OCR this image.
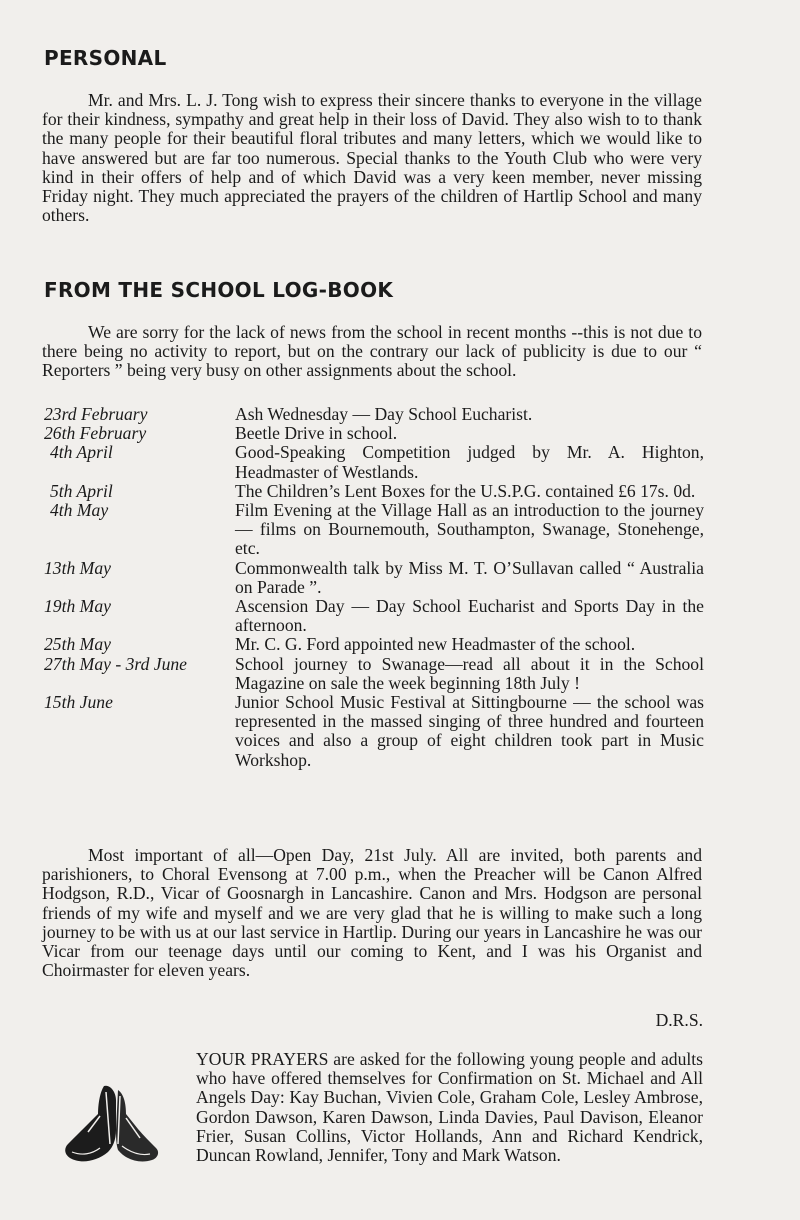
PERSONAL

Mr. and Mrs. L. J. Tong wish to express their sincere thanks to everyone in the village for their kindness, sympathy and great help in their loss of David. They also wish to to thank the many people for their beautiful floral tributes and many letters, which we would like to have answered but are far too numerous. Special thanks to the Youth Club who were very kind in their offers of help and of which David was a very keen member, never missing Friday night. They much appreciated the prayers of the children of Hartlip School and many others.

FROM THE SCHOOL LOG-BOOK

We are sorry for the lack of news from the school in recent months --this is not due to there being no activity to report, but on the contrary our lack of publicity is due to our “ Reporters ” being very busy on other assignments about the school.

23rd February	Ash Wednesday — Day School Eucharist.
26th February	Beetle Drive in school.
4th April	Good-Speaking Competition judged by Mr. A. Highton, Headmaster of Westlands.
5th April	The Children’s Lent Boxes for the U.S.P.G. contained £6 17s. 0d.
4th May	Film Evening at the Village Hall as an introduction to the journey — films on Bournemouth, Southampton, Swanage, Stonehenge, etc.
13th May	Commonwealth talk by Miss M. T. O’Sullavan called “ Australia on Parade ”.
19th May	Ascension Day — Day School Eucharist and Sports Day in the afternoon.
25th May	Mr. C. G. Ford appointed new Headmaster of the school.
27th May - 3rd June	School journey to Swanage—read all about it in the School Magazine on sale the week beginning 18th July !
15th June	Junior School Music Festival at Sittingbourne — the school was represented in the massed singing of three hundred and fourteen voices and also a group of eight children took part in Music Workshop.

Most important of all—Open Day, 21st July. All are invited, both parents and parishioners, to Choral Evensong at 7.00 p.m., when the Preacher will be Canon Alfred Hodgson, R.D., Vicar of Goosnargh in Lancashire. Canon and Mrs. Hodgson are personal friends of my wife and myself and we are very glad that he is willing to make such a long journey to be with us at our last service in Hartlip. During our years in Lancashire he was our Vicar from our teenage days until our coming to Kent, and I was his Organist and Choirmaster for eleven years.

D.R.S.

YOUR PRAYERS are asked for the following young people and adults who have offered themselves for Confirmation on St. Michael and All Angels Day: Kay Buchan, Vivien Cole, Graham Cole, Lesley Ambrose, Gordon Dawson, Karen Dawson, Linda Davies, Paul Davison, Eleanor Frier, Susan Collins, Victor Hollands, Ann and Richard Kendrick, Duncan Rowland, Jennifer, Tony and Mark Watson.
